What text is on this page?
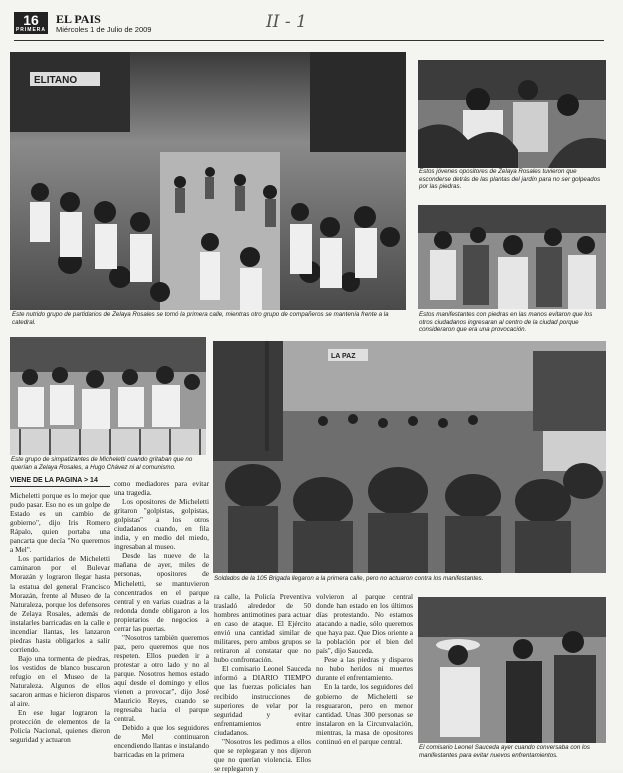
16
PRIMERA
EL PAIS
Miércoles 1 de Julio de 2009	II - 1
ELITANO
Este nutrido grupo de partidarios de Zelaya Rosales se tomó la primera calle, mientras otro grupo de compañeros se mantenía frente a la catedral.
Estos jóvenes opositores de Zelaya Rosales tuvieron que esconderse detrás de las plantas del jardín para no ser golpeados por las piedras.
Estos manifestantes con piedras en las manos evitaron que los otros ciudadanos ingresaran al centro de la ciudad porque consideraron que era una provocación.
Este grupo de simpatizantes de Micheletti cuando gritaban que no querían a Zelaya Rosales, a Hugo Chávez ni al comunismo.
LA PAZ
Soldados de la 105 Brigada llegaron a la primera calle, pero no actuaron contra los manifestantes.
El comisario Leonel Sauceda ayer cuando conversaba con los manifestantes para evitar nuevos enfrentamientos.
VIENE DE LA PAGINA > 14

Micheletti porque es lo mejor que pudo pasar. Eso no es un golpe de Estado es un cambio de gobierno", dijo Iris Romero Rápalo, quien portaba una pancarta que decía "No queremos a Mel".

Los partidarios de Micheletti caminaron por el Bulevar Morazán y lograron llegar hasta la estatua del general Francisco Morazán, frente al Museo de la Naturaleza, porque los defensores de Zelaya Rosales, además de instalarles barricadas en la calle e incendiar llantas, les lanzaron piedras hasta obligarlos a salir corriendo.

Bajo una tormenta de piedras, los vestidos de blanco buscaron refugio en el Museo de la Naturaleza. Algunos de ellos sacaron armas e hicieron disparos al aire.

En ese lugar lograron la protección de elementos de la Policía Nacional, quienes dieron seguridad y actuaron

como mediadores para evitar una tragedia.

Los opositores de Micheletti gritaron "golpistas, golpistas, golpistas" a los otros ciudadanos cuando, en fila india, y en medio del miedo, ingresaban al museo.

Desde las nueve de la mañana de ayer, miles de personas, opositores de Micheletti, se mantuvieron concentrados en el parque central y en varias cuadras a la redonda donde obligaron a los propietarios de negocios a cerrar las puertas.

"Nosotros también queremos paz, pero queremos que nos respeten. Ellos pueden ir a protestar a otro lado y no al parque. Nosotros hemos estado aquí desde el domingo y ellos vienen a provocar", dijo José Mauricio Reyes, cuando se regresaba hacia el parque central.

Debido a que los seguidores de Mel continuaron encendiendo llantas e instalando barricadas en la primera

ra calle, la Policía Preventiva trasladó alrededor de 50 hombres antimotines para actuar en caso de ataque. El Ejército envió una cantidad similar de militares, pero ambos grupos se retiraron al constatar que no hubo confrontación.

El comisario Leonel Sauceda informó a DIARIO TIEMPO que las fuerzas policiales han recibido instrucciones de superiores de velar por la seguridad y evitar enfrentamientos entre ciudadanos.

"Nosotros les pedimos a ellos que se replegaran y nos dijeron que no querían violencia. Ellos se replegaron y

volvieron al parque central donde han estado en los últimos días protestando. No estamos atacando a nadie, sólo queremos que haya paz. Que Dios oriente a la población por el bien del país", dijo Sauceda.

Pese a las piedras y disparos no hubo heridos ni muertes durante el enfrentamiento.

En la tarde, los seguidores del gobierno de Micheletti se resguararon, pero en menor cantidad. Unas 300 personas se instalaron en la Circunvalación, mientras, la masa de opositores continuó en el parque central.
